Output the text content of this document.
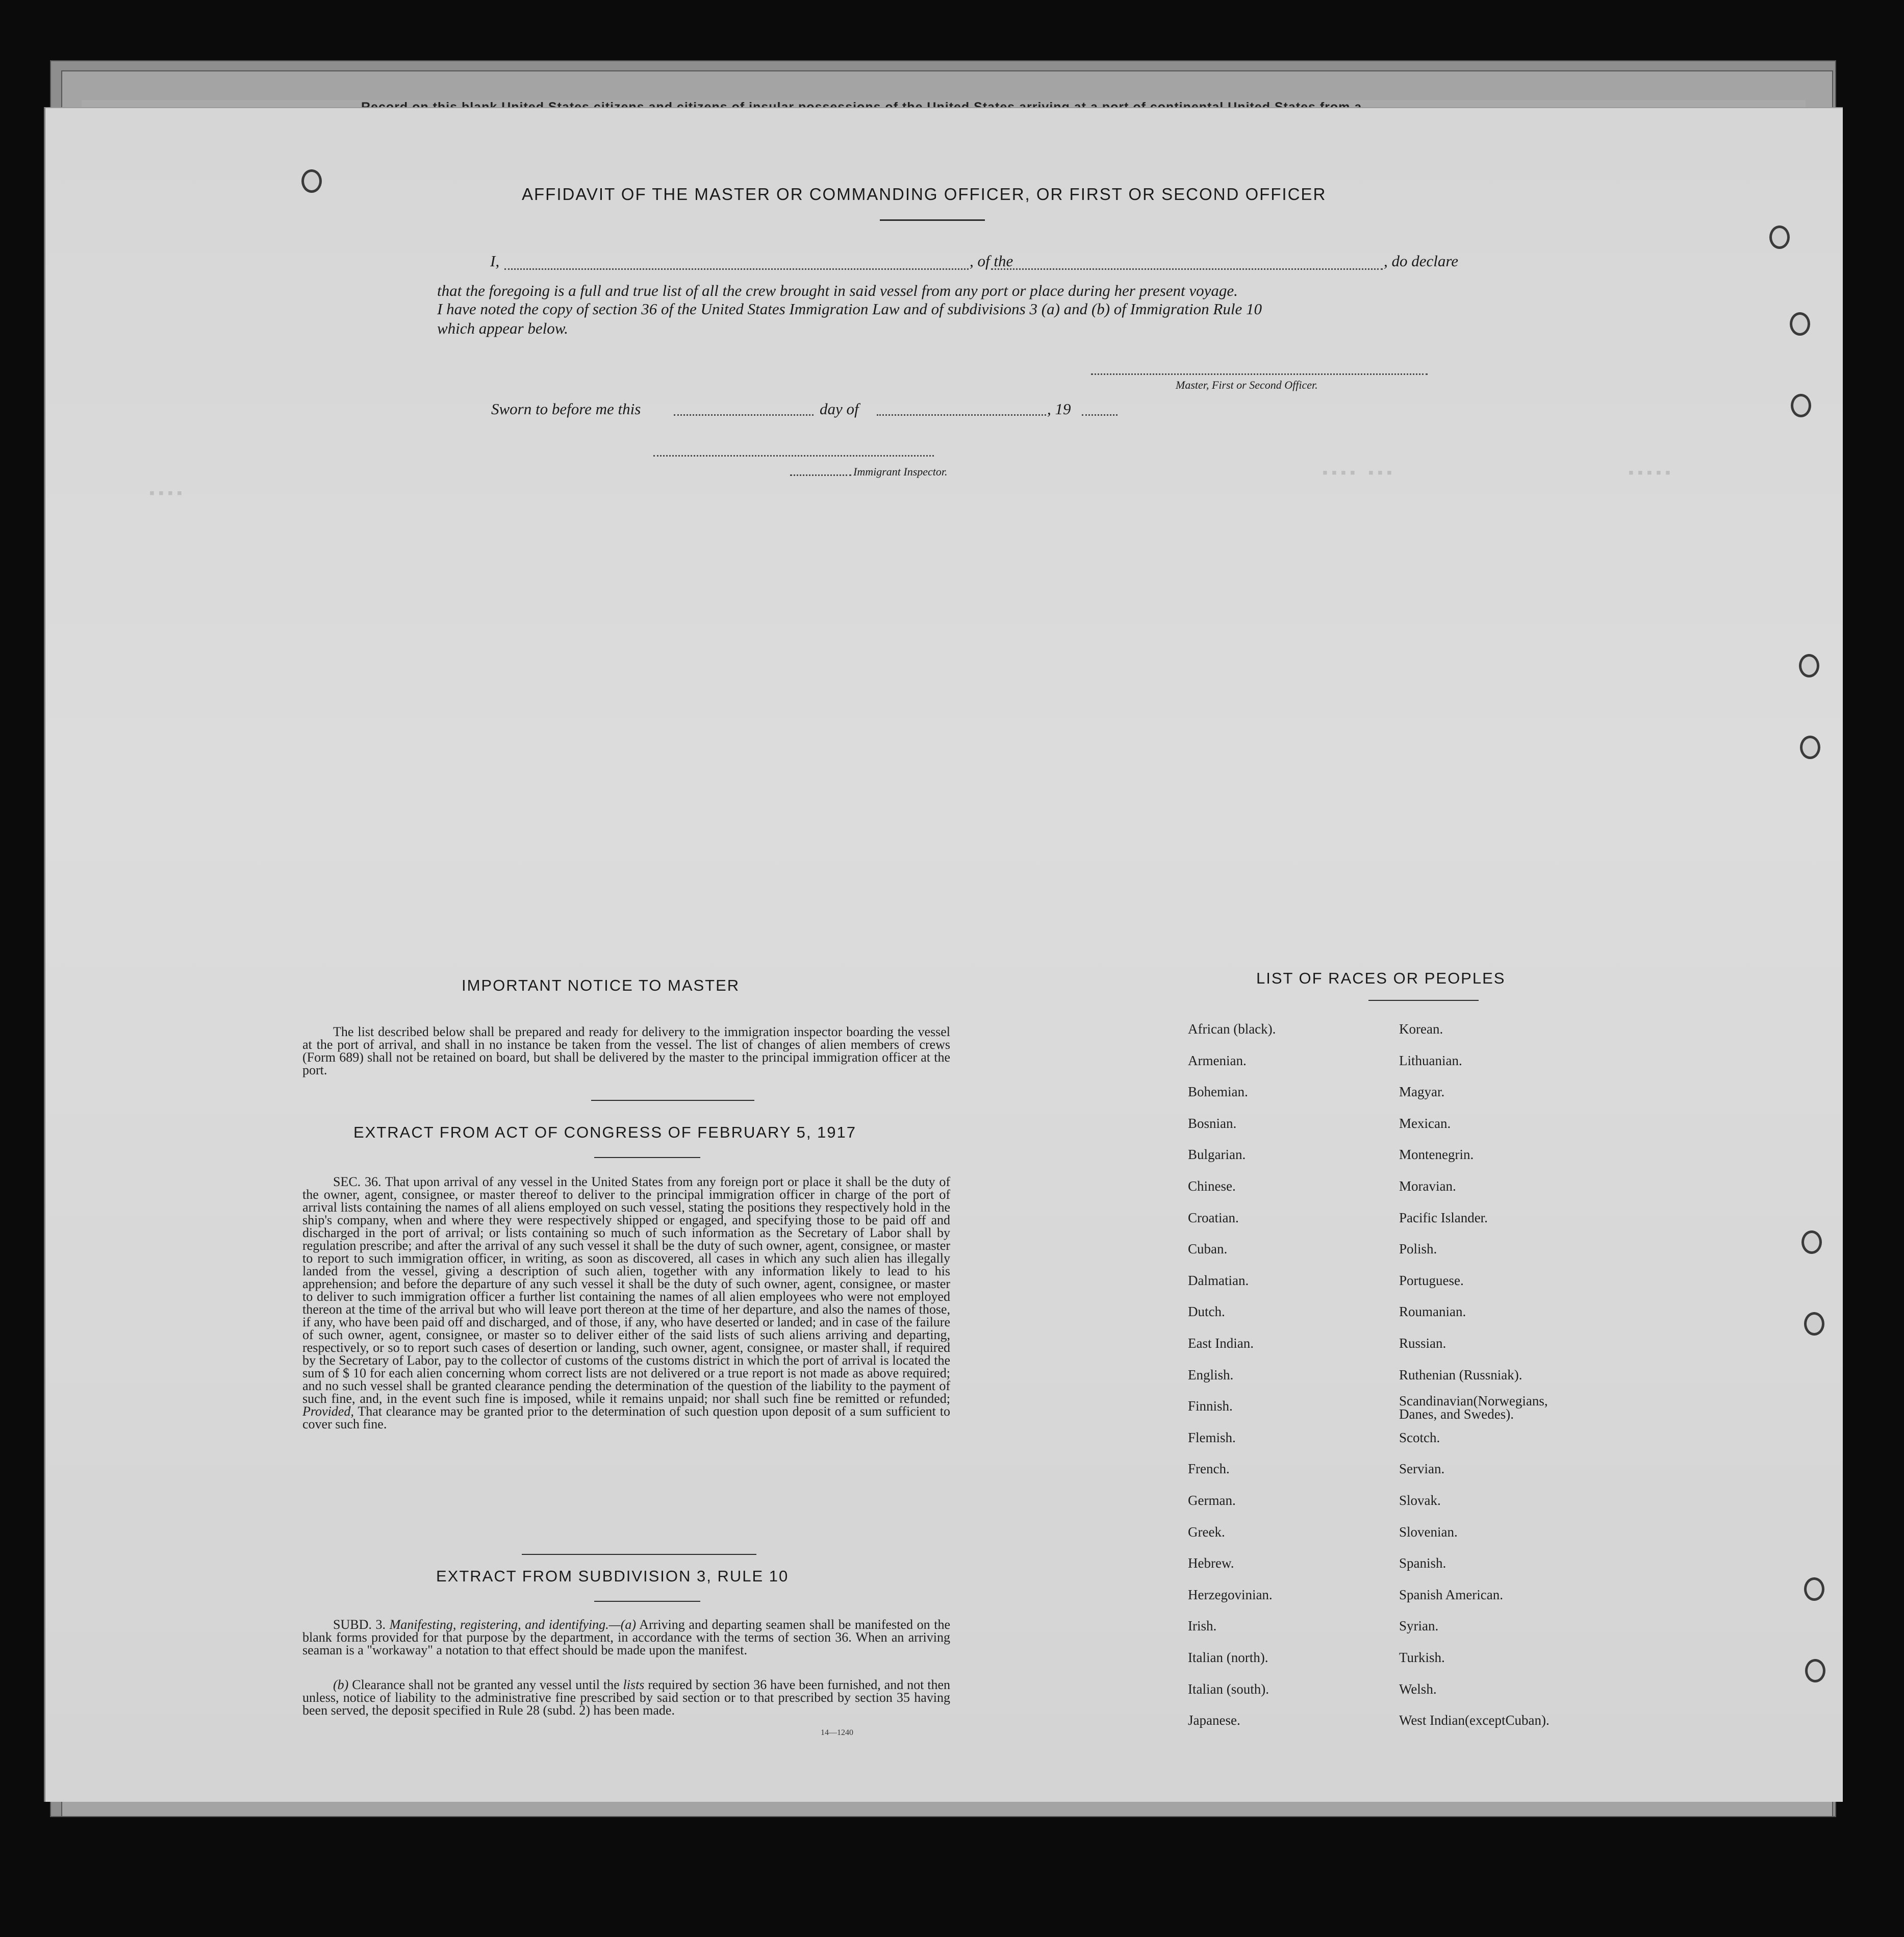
▪▪▪▪ ▪▪▪	▪▪▪▪▪
▪▪▪▪
AFFIDAVIT OF THE MASTER OR COMMANDING OFFICER, OR FIRST OR SECOND OFFICER
I,	, of the	, do declare
that the foregoing is a full and true list of all the crew brought in said vessel from any port or place during her present voyage.
I have noted the copy of section 36 of the United States Immigration Law and of subdivisions 3 (a) and (b) of Immigration Rule 10
which appear below.
Master, First or Second Officer.
Sworn to before me this	day of	, 19
Immigrant Inspector.
IMPORTANT NOTICE TO MASTER
The list described below shall be prepared and ready for delivery to the immigration inspector boarding the vessel at the port of arrival, and shall in no instance be taken from the vessel. The list of changes of alien members of crews (Form 689) shall not be retained on board, but shall be delivered by the master to the principal immigration officer at the port.
EXTRACT FROM ACT OF CONGRESS OF FEBRUARY 5, 1917
SEC. 36. That upon arrival of any vessel in the United States from any foreign port or place it shall be the duty of the owner, agent, consignee, or master thereof to deliver to the principal immigration officer in charge of the port of arrival lists containing the names of all aliens employed on such vessel, stating the positions they respectively hold in the ship's company, when and where they were respectively shipped or engaged, and specifying those to be paid off and discharged in the port of arrival; or lists containing so much of such information as the Secretary of Labor shall by regulation prescribe; and after the arrival of any such vessel it shall be the duty of such owner, agent, consignee, or master to report to such immigration officer, in writing, as soon as discovered, all cases in which any such alien has illegally landed from the vessel, giving a description of such alien, together with any information likely to lead to his apprehension; and before the departure of any such vessel it shall be the duty of such owner, agent, consignee, or master to deliver to such immigration officer a further list containing the names of all alien employees who were not employed thereon at the time of the arrival but who will leave port thereon at the time of her departure, and also the names of those, if any, who have been paid off and discharged, and of those, if any, who have deserted or landed; and in case of the failure of such owner, agent, consignee, or master so to deliver either of the said lists of such aliens arriving and departing, respectively, or so to report such cases of desertion or landing, such owner, agent, consignee, or master shall, if required by the Secretary of Labor, pay to the collector of customs of the customs district in which the port of arrival is located the sum of $ 10 for each alien concerning whom correct lists are not delivered or a true report is not made as above required; and no such vessel shall be granted clearance pending the determination of the question of the liability to the payment of such fine, and, in the event such fine is imposed, while it remains unpaid; nor shall such fine be remitted or refunded; Provided, That clearance may be granted prior to the determination of such question upon deposit of a sum sufficient to cover such fine.
EXTRACT FROM SUBDIVISION 3, RULE 10
SUBD. 3. Manifesting, registering, and identifying.—(a) Arriving and departing seamen shall be manifested on the blank forms provided for that purpose by the department, in accordance with the terms of section 36. When an arriving seaman is a "workaway" a notation to that effect should be made upon the manifest.
(b) Clearance shall not be granted any vessel until the lists required by section 36 have been furnished, and not then unless, notice of liability to the administrative fine prescribed by said section or to that prescribed by section 35 having been served, the deposit specified in Rule 28 (subd. 2) has been made.
14—1240
LIST OF RACES OR PEOPLES
African (black).
Armenian.
Bohemian.
Bosnian.
Bulgarian.
Chinese.
Croatian.
Cuban.
Dalmatian.
Dutch.
East Indian.
English.
Finnish.
Flemish.
French.
German.
Greek.
Hebrew.
Herzegovinian.
Irish.
Italian (north).
Italian (south).
Japanese.
Korean.
Lithuanian.
Magyar.
Mexican.
Montenegrin.
Moravian.
Pacific Islander.
Polish.
Portuguese.
Roumanian.
Russian.
Ruthenian (Russniak).
Scandinavian(Norwegians, Danes, and Swedes).
Scotch.
Servian.
Slovak.
Slovenian.
Spanish.
Spanish American.
Syrian.
Turkish.
Welsh.
West Indian(exceptCuban).
